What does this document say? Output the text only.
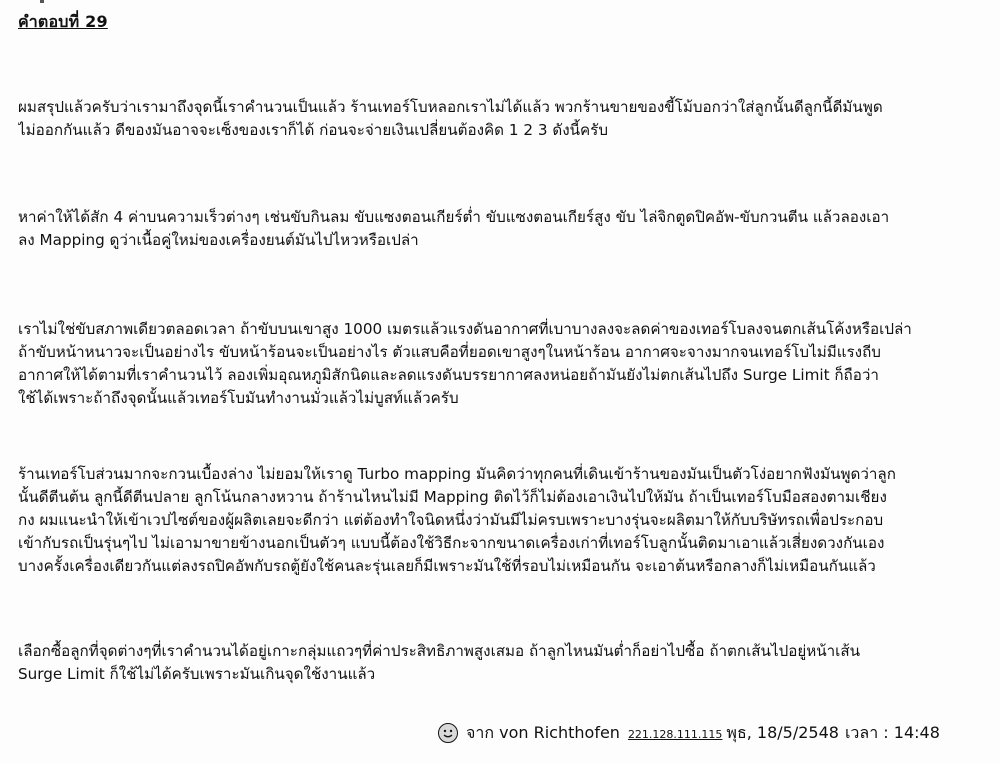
คำตอบที่ 29
ผมสรุปแล้วครับว่าเรามาถึงจุดนี้เราคำนวนเป็นแล้ว ร้านเทอร์โบหลอกเราไม่ได้แล้ว พวกร้านขายของขี้โม้บอกว่าใส่ลูกนั้นดีลูกนี้ดีมันพูด
ไม่ออกกันแล้ว ดีของมันอาจจะเซ็งของเราก็ได้ ก่อนจะจ่ายเงินเปลี่ยนต้องคิด 1 2 3 ดังนี้ครับ
หาค่าให้ได้สัก 4 ค่าบนความเร็วต่างๆ เช่นขับกินลม ขับแซงตอนเกียร์ต่ำ ขับแซงตอนเกียร์สูง ขับ ไล่จิกตูดปิคอัพ-ขับกวนตีน แล้วลองเอา
ลง Mapping ดูว่าเนื้อคู่ใหม่ของเครื่องยนต์มันไปไหวหรือเปล่า
เราไม่ใช่ขับสภาพเดียวตลอดเวลา ถ้าขับบนเขาสูง 1000 เมตรแล้วแรงดันอากาศที่เบาบางลงจะลดค่าของเทอร์โบลงจนตกเส้นโค้งหรือเปล่า
ถ้าขับหน้าหนาวจะเป็นอย่างไร ขับหน้าร้อนจะเป็นอย่างไร ตัวแสบคือที่ยอดเขาสูงๆในหน้าร้อน อากาศจะจางมากจนเทอร์โบไม่มีแรงถีบ
อากาศให้ได้ตามที่เราคำนวนไว้ ลองเพิ่มอุณหภูมิสักนิดและลดแรงดันบรรยากาศลงหน่อยถ้ามันยังไม่ตกเส้นไปถึง Surge Limit ก็ถือว่า
ใช้ได้เพราะถ้าถึงจุดนั้นแล้วเทอร์โบมันทำงานมั่วแล้วไม่บูสท์แล้วครับ
ร้านเทอร์โบส่วนมากจะกวนเบื้องล่าง ไม่ยอมให้เราดู Turbo mapping มันคิดว่าทุกคนที่เดินเข้าร้านของมันเป็นตัวโง่อยากฟังมันพูดว่าลูก
นั้นดีตีนต้น ลูกนี้ดีตีนปลาย ลูกโน้นกลางหวาน ถ้าร้านไหนไม่มี Mapping ติดไว้ก็ไม่ต้องเอาเงินไปให้มัน ถ้าเป็นเทอร์โบมือสองตามเชียง
กง ผมแนะนำให้เข้าเวปไซต์ของผู้ผลิตเลยจะดีกว่า แต่ต้องทำใจนิดหนึ่งว่ามันมีไม่ครบเพราะบางรุ่นจะผลิตมาให้กับบริษัทรถเพื่อประกอบ
เข้ากับรถเป็นรุ่นๆไป ไม่เอามาขายข้างนอกเป็นตัวๆ แบบนี้ต้องใช้วิธีกะจากขนาดเครื่องเก่าที่เทอร์โบลูกนั้นติดมาเอาแล้วเสี่ยงดวงกันเอง
บางครั้งเครื่องเดียวกันแต่ลงรถปิคอัพกับรถตู้ยังใช้คนละรุ่นเลยก็มีเพราะมันใช้ที่รอบไม่เหมือนกัน จะเอาต้นหรือกลางก็ไม่เหมือนกันแล้ว
เลือกซื้อลูกที่จุดต่างๆที่เราคำนวนได้อยู่เกาะกลุ่มแถวๆที่ค่าประสิทธิภาพสูงเสมอ ถ้าลูกไหนมันต่ำก็อย่าไปซื้อ ถ้าตกเส้นไปอยู่หน้าเส้น
Surge Limit ก็ใช้ไม่ได้ครับเพราะมันเกินจุดใช้งานแล้ว
จาก von Richthofen 221.128.111.115 พุธ, 18/5/2548 เวลา : 14:48
